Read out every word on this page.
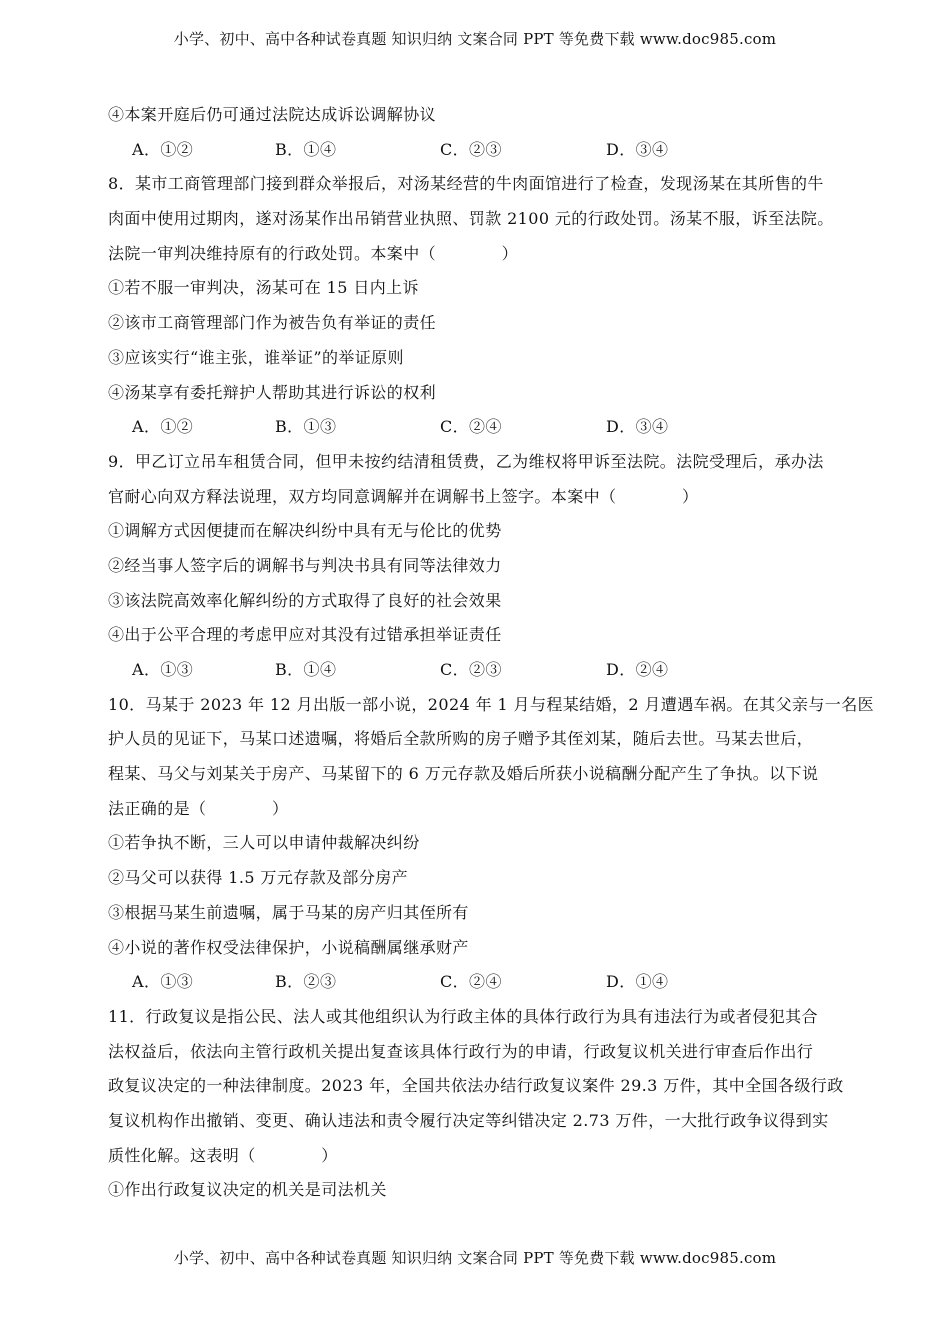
小学、初中、高中各种试卷真题 知识归纳 文案合同 PPT 等免费下载 www.doc985.com
④本案开庭后仍可通过法院达成诉讼调解协议
A．①②	B．①④	C．②③	D．③④
8．某市工商管理部门接到群众举报后，对汤某经营的牛肉面馆进行了检查，发现汤某在其所售的牛
肉面中使用过期肉，遂对汤某作出吊销营业执照、罚款 2100 元的行政处罚。汤某不服，诉至法院。
法院一审判决维持原有的行政处罚。本案中（　　　　）
①若不服一审判决，汤某可在 15 日内上诉
②该市工商管理部门作为被告负有举证的责任
③应该实行“谁主张，谁举证”的举证原则
④汤某享有委托辩护人帮助其进行诉讼的权利
A．①②	B．①③	C．②④	D．③④
9．甲乙订立吊车租赁合同，但甲未按约结清租赁费，乙为维权将甲诉至法院。法院受理后，承办法
官耐心向双方释法说理，双方均同意调解并在调解书上签字。本案中（　　　　）
①调解方式因便捷而在解决纠纷中具有无与伦比的优势
②经当事人签字后的调解书与判决书具有同等法律效力
③该法院高效率化解纠纷的方式取得了良好的社会效果
④出于公平合理的考虑甲应对其没有过错承担举证责任
A．①③	B．①④	C．②③	D．②④
10．马某于 2023 年 12 月出版一部小说，2024 年 1 月与程某结婚，2 月遭遇车祸。在其父亲与一名医
护人员的见证下，马某口述遗嘱，将婚后全款所购的房子赠予其侄刘某，随后去世。马某去世后，
程某、马父与刘某关于房产、马某留下的 6 万元存款及婚后所获小说稿酬分配产生了争执。以下说
法正确的是（　　　　）
①若争执不断，三人可以申请仲裁解决纠纷
②马父可以获得 1.5 万元存款及部分房产
③根据马某生前遗嘱，属于马某的房产归其侄所有
④小说的著作权受法律保护，小说稿酬属继承财产
A．①③	B．②③	C．②④	D．①④
11．行政复议是指公民、法人或其他组织认为行政主体的具体行政行为具有违法行为或者侵犯其合
法权益后，依法向主管行政机关提出复查该具体行政行为的申请，行政复议机关进行审查后作出行
政复议决定的一种法律制度。2023 年，全国共依法办结行政复议案件 29.3 万件，其中全国各级行政
复议机构作出撤销、变更、确认违法和责令履行决定等纠错决定 2.73 万件，一大批行政争议得到实
质性化解。这表明（　　　　）
①作出行政复议决定的机关是司法机关
小学、初中、高中各种试卷真题 知识归纳 文案合同 PPT 等免费下载 www.doc985.com
